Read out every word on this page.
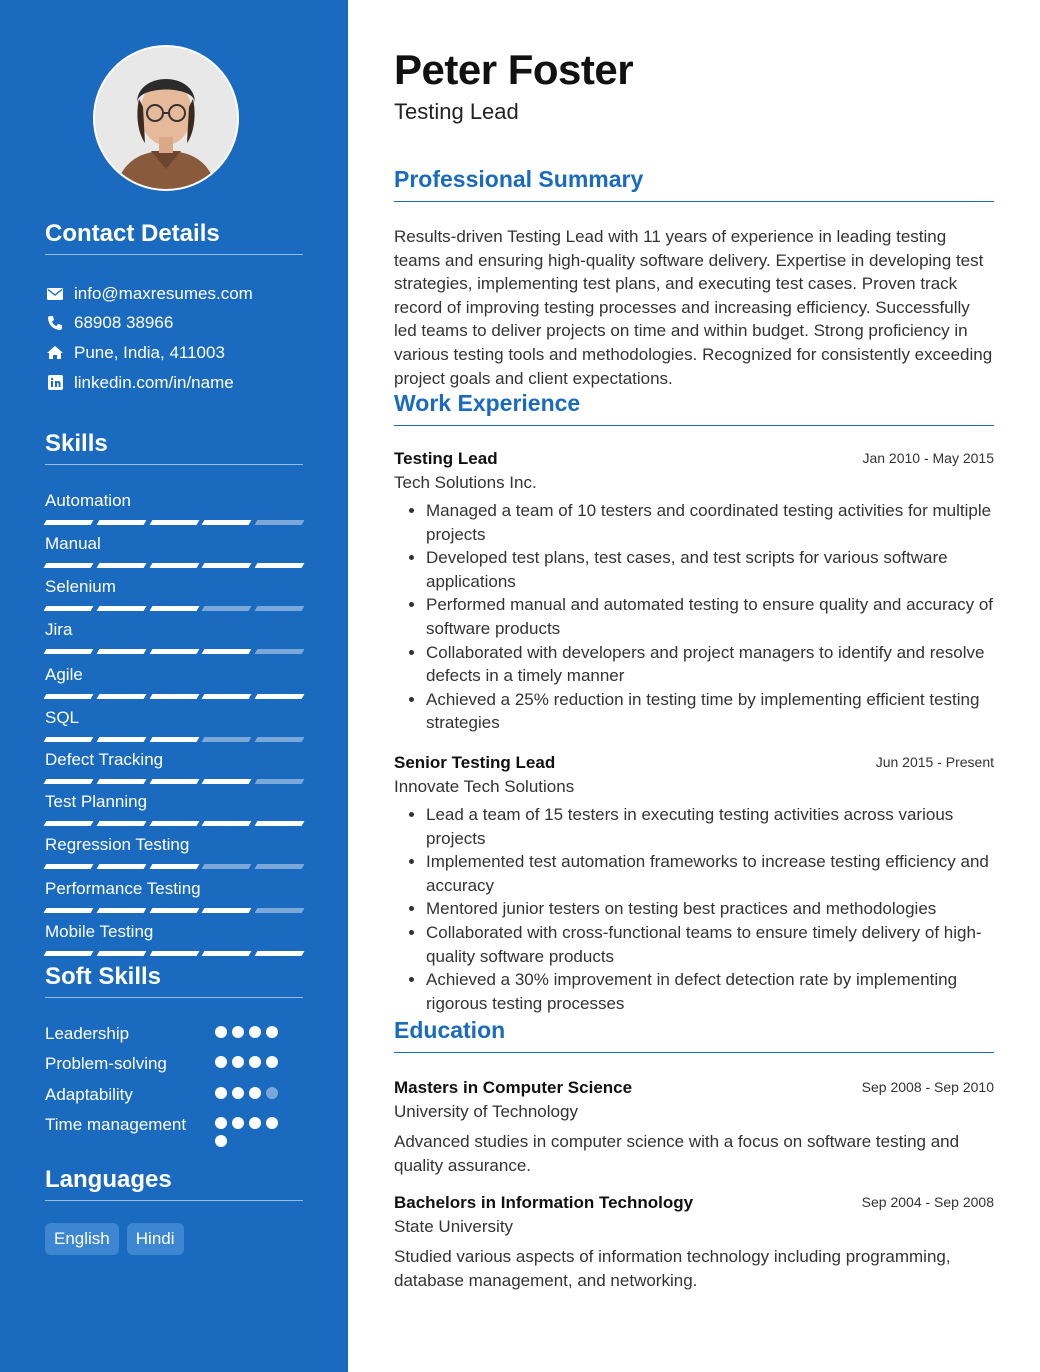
Contact Details
info@maxresumes.com
68908 38966
Pune, India, 411003
linkedin.com/in/name
Skills
Automation
Manual
Selenium
Jira
Agile
SQL
Defect Tracking
Test Planning
Regression Testing
Performance Testing
Mobile Testing
Soft Skills
Leadership
Problem-solving
Adaptability
Time management
Languages
English	Hindi
Peter Foster
Testing Lead
Professional Summary

Results-driven Testing Lead with 11 years of experience in leading testing teams and ensuring high-quality software delivery. Expertise in developing test strategies, implementing test plans, and executing test cases. Proven track record of improving testing processes and increasing efficiency. Successfully led teams to deliver projects on time and within budget. Strong proficiency in various testing tools and methodologies. Recognized for consistently exceeding project goals and client expectations.

Work Experience
Testing Lead	Jan 2010 - May 2015
Tech Solutions Inc.
• Managed a team of 10 testers and coordinated testing activities for multiple projects
• Developed test plans, test cases, and test scripts for various software applications
• Performed manual and automated testing to ensure quality and accuracy of software products
• Collaborated with developers and project managers to identify and resolve defects in a timely manner
• Achieved a 25% reduction in testing time by implementing efficient testing strategies
Senior Testing Lead	Jun 2015 - Present
Innovate Tech Solutions
• Lead a team of 15 testers in executing testing activities across various projects
• Implemented test automation frameworks to increase testing efficiency and accuracy
• Mentored junior testers on testing best practices and methodologies
• Collaborated with cross-functional teams to ensure timely delivery of high-quality software products
• Achieved a 30% improvement in defect detection rate by implementing rigorous testing processes
Education
Masters in Computer Science	Sep 2008 - Sep 2010
University of Technology
Advanced studies in computer science with a focus on software testing and quality assurance.
Bachelors in Information Technology	Sep 2004 - Sep 2008
State University
Studied various aspects of information technology including programming, database management, and networking.
